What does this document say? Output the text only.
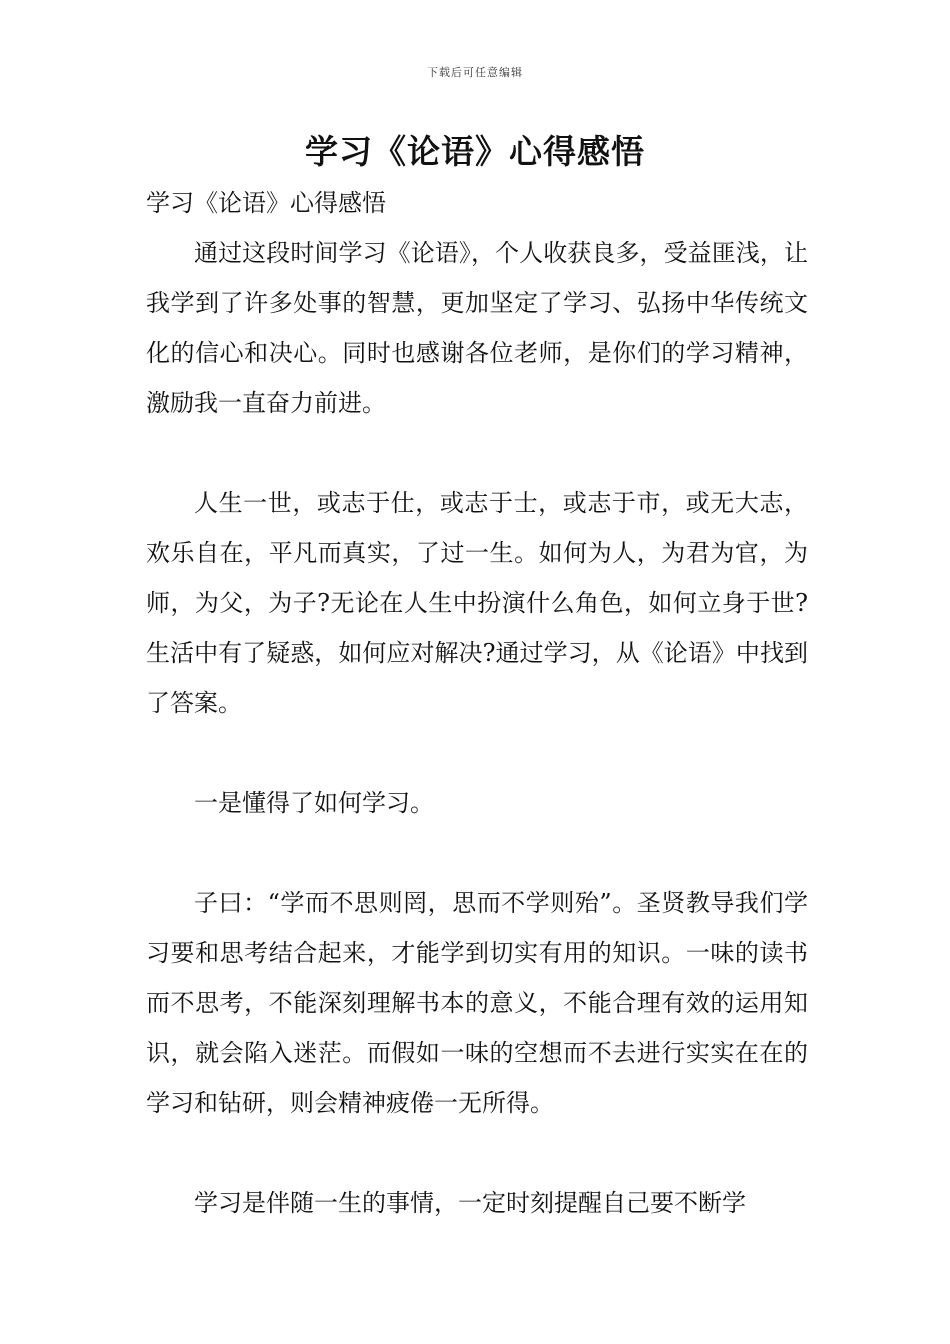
下载后可任意编辑
学习《论语》心得感悟

学习《论语》心得感悟

通过这段时间学习《论语》，个人收获良多，受益匪浅，让我学到了许多处事的智慧，更加坚定了学习、弘扬中华传统文化的信心和决心。同时也感谢各位老师，是你们的学习精神，激励我一直奋力前进。

人生一世，或志于仕，或志于士，或志于市，或无大志，欢乐自在，平凡而真实，了过一生。如何为人，为君为官，为师，为父，为子?无论在人生中扮演什么角色，如何立身于世?生活中有了疑惑，如何应对解决?通过学习，从《论语》中找到了答案。

一是懂得了如何学习。

子曰：“学而不思则罔，思而不学则殆”。圣贤教导我们学习要和思考结合起来，才能学到切实有用的知识。一味的读书而不思考，不能深刻理解书本的意义，不能合理有效的运用知识，就会陷入迷茫。而假如一味的空想而不去进行实实在在的学习和钻研，则会精神疲倦一无所得。

学习是伴随一生的事情，一定时刻提醒自己要不断学
